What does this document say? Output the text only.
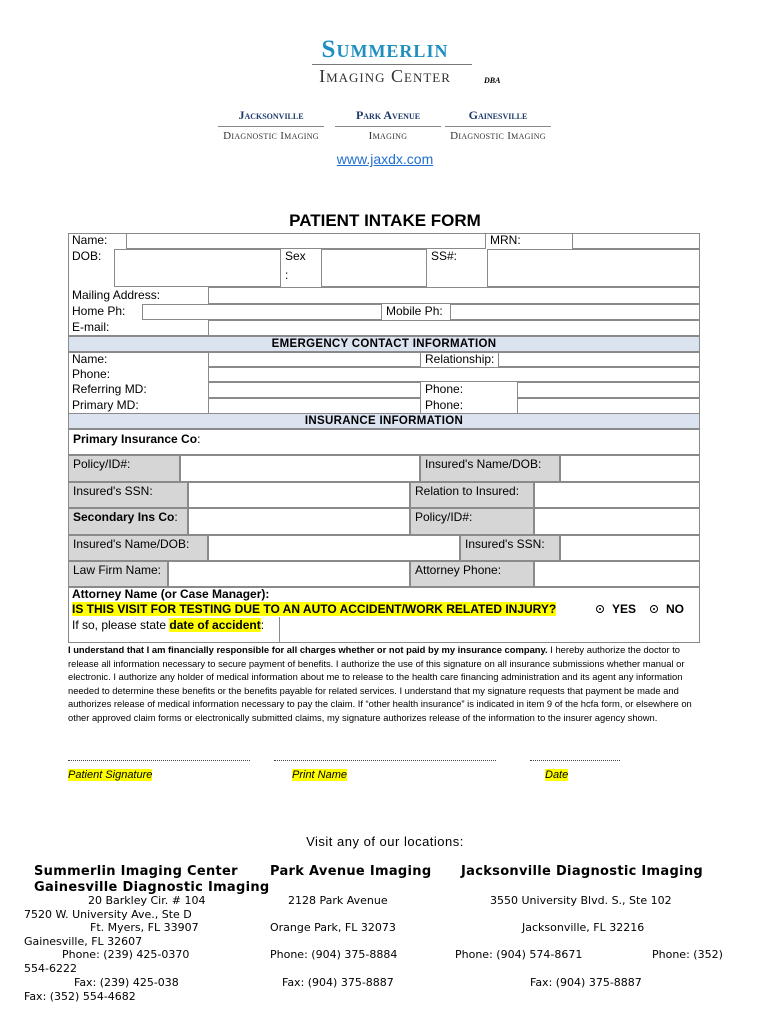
Summerlin
Imaging Center	DBA
Jacksonville
Diagnostic Imaging
Park Avenue
Imaging
Gainesville
Diagnostic Imaging
www.jaxdx.com
PATIENT INTAKE FORM
Name:	MRN:
DOB:	Sex
:
SS#:
Mailing Address:
Home Ph:	Mobile Ph:
E-mail:
EMERGENCY CONTACT INFORMATION
Name:	Relationship:
Phone:
Referring MD:	Phone:
Primary MD:	Phone:
INSURANCE INFORMATION
Primary Insurance Co:
Policy/ID#:	Insured's Name/DOB:
Insured's SSN:	Relation to Insured:
Secondary Ins Co:	Policy/ID#:
Insured's Name/DOB:	Insured's SSN:
Law Firm Name:	Attorney Phone:
Attorney Name (or Case Manager):
IS THIS VISIT FOR TESTING DUE TO AN AUTO ACCIDENT/WORK RELATED INJURY?	YES	NO
If so, please state date of accident:
I understand that I am financially responsible for all charges whether or not paid by my insurance company. I hereby authorize the doctor to release all information necessary to secure payment of benefits. I authorize the use of this signature on all insurance submissions whether manual or electronic. I authorize any holder of medical information about me to release to the health care financing administration and its agent any information needed to determine these benefits or the benefits payable for related services. I understand that my signature requests that payment be made and authorizes release of medical information necessary to pay the claim. If “other health insurance” is indicated in item 9 of the hcfa form, or elsewhere on other approved claim forms or electronically submitted claims, my signature authorizes release of the information to the insurer agency shown.
Patient Signature	Print Name	Date
Visit any of our locations:
Summerlin Imaging Center
Gainesville Diagnostic Imaging
20 Barkley Cir. # 104
7520 W. University Ave., Ste D
Ft. Myers, FL 33907
Gainesville, FL 32607
Phone: (239) 425-0370
554-6222
Fax: (239) 425-038
Fax: (352) 554-4682
Park Avenue Imaging
2128 Park Avenue
Orange Park, FL 32073
Phone: (904) 375-8884
Fax: (904) 375-8887
Jacksonville Diagnostic Imaging
3550 University Blvd. S., Ste 102
Jacksonville, FL 32216
Phone: (904) 574-8671	Phone: (352)
Fax: (904) 375-8887
